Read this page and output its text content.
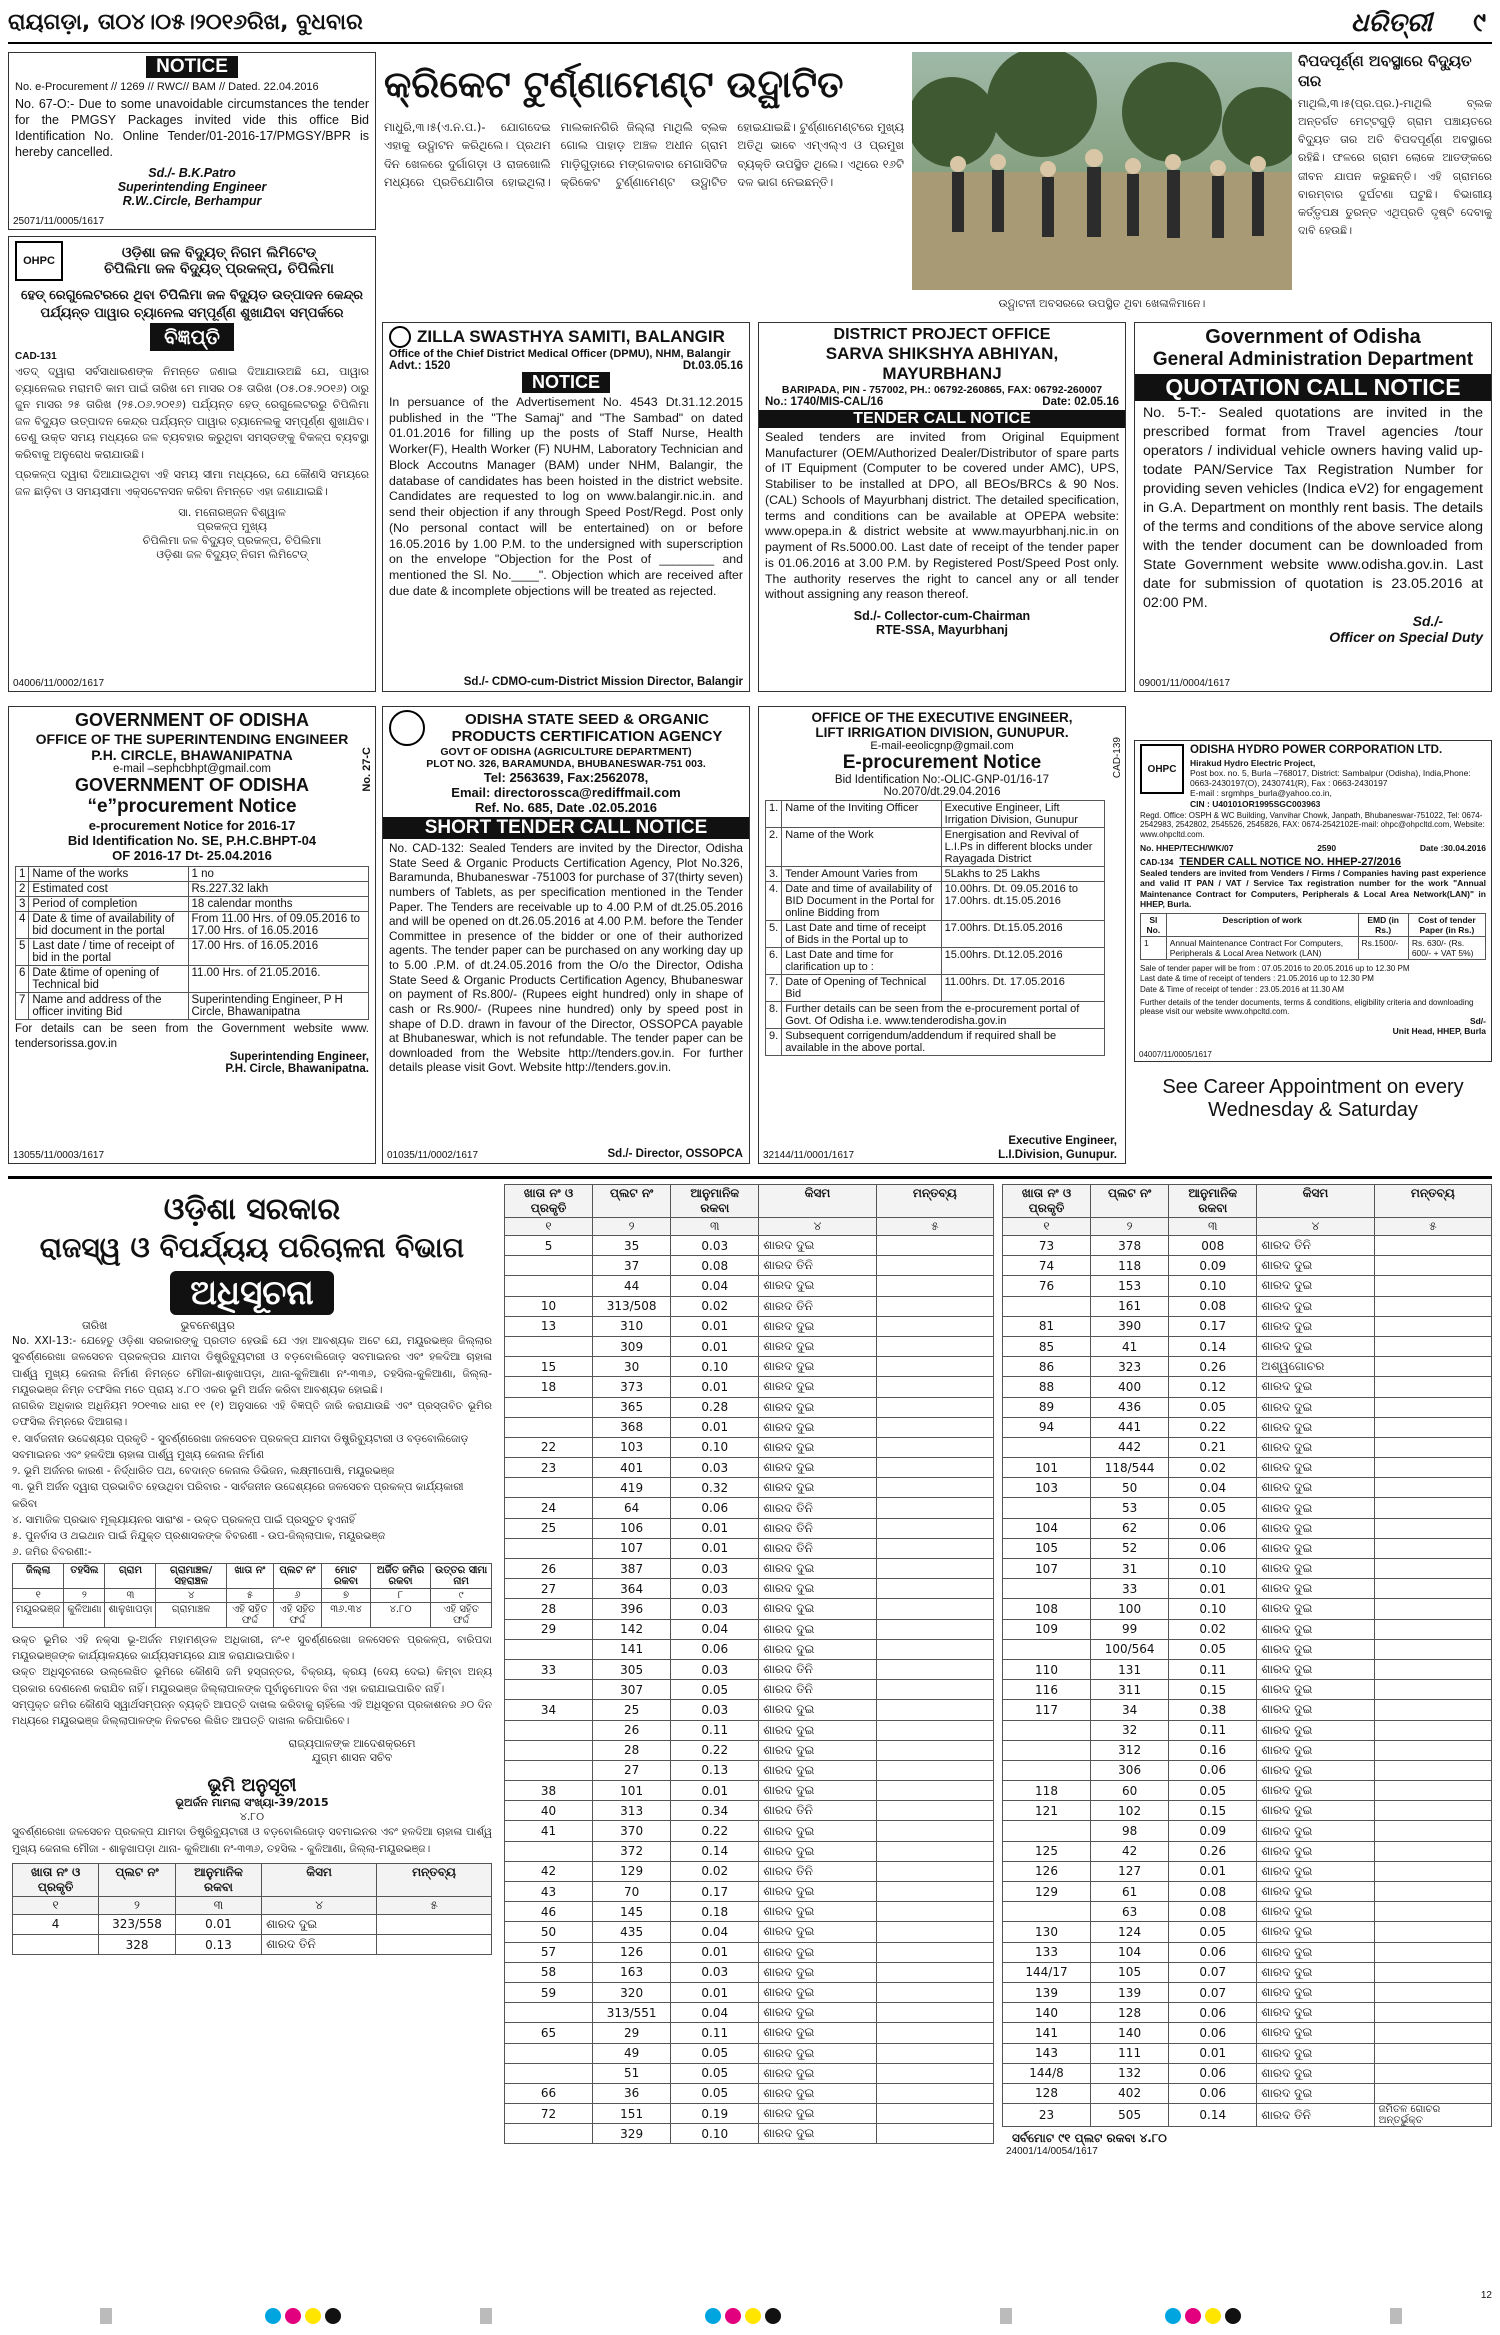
ରାୟଗଡ଼ା, ତା୦୪।୦୫।୨୦୧୬ରିଖ, ବୁଧବାର	ଧରିତ୍ରୀ ୯
NOTICE
No. e-Procurement // 1269 // RWC// BAM // Dated. 22.04.2016

No. 67-O:- Due to some unavoidable circumstances the tender for the PMGSY Packages invited vide this office Bid Identification No. Online Tender/01-2016-17/PMGSY/BPR is hereby cancelled.

Sd./- B.K.Patro
Superintending Engineer
R.W..Circle, Berhampur
25071/11/0005/1617
କ୍ରିକେଟ ଟୁର୍ଣ୍ଣାମେଣ୍ଟ ଉଦ୍ଘାଟିତ

ମାଧୁରି,୩।୫(ଏ.ନ.ପ.)- ଯୋଗଦେଇ ଏହାକୁ ଉଦ୍ଘାଟନ କରିଥିଲେ। ପ୍ରଥମ ଦିନ ଖେଳରେ ଦୁର୍ଗାଗଡ଼ା ଓ ରାଜଖୋଲି ମଧ୍ୟରେ ପ୍ରତିଯୋଗିତା ହୋଇଥିଲା। ମାଲକାନଗିରି ଜିଲ୍ଲା ମାଥିଲି ବ୍ଲକ ଗୋଲ ପାହାଡ଼ ଅଞ୍ଚଳ ଅଧୀନ ଗ୍ରାମ ମାଡ଼ିଗୁଡ଼ାରେ ମଙ୍ଗଳବାର ମେଗାସିଟିଜ କ୍ରିକେଟ ଟୁର୍ଣ୍ଣାମେଣ୍ଟ ଉଦ୍ଘାଟିତ ହୋଇଯାଇଛି। ଟୁର୍ଣ୍ଣାମେଣ୍ଟରେ ମୁଖ୍ୟ ଅତିଥି ଭାବେ ଏମ୍‌ଏଲ୍‌ଏ ଓ ପ୍ରମୁଖ ବ୍ୟକ୍ତି ଉପସ୍ଥିତ ଥିଲେ। ଏଥିରେ ୧୬ଟି ଦଳ ଭାଗ ନେଇଛନ୍ତି।

ଉଦ୍ଘାଟନୀ ଅବସରରେ ଉପସ୍ଥିତ ଥିବା ଖେଳାଳିମାନେ।
ବିପଦପୂର୍ଣ୍ଣ ଅବସ୍ଥାରେ ବିଦ୍ୟୁତ ତାର

ମାଥିଲି,୩।୫(ପ୍ର.ପ୍ର.)-ମାଥିଲି ବ୍ଲକ ଅନ୍ତର୍ଗତ ମେଟ୍ଟଗୁଡ଼ି ଗ୍ରାମ ପଞ୍ଚାୟତରେ ବିଦ୍ୟୁତ ତାର ଅତି ବିପଦପୂର୍ଣ୍ଣ ଅବସ୍ଥାରେ ରହିଛି। ଫଳରେ ଗ୍ରାମ ଲୋକେ ଆତଙ୍କରେ ଜୀବନ ଯାପନ କରୁଛନ୍ତି। ଏହି ଗ୍ରାମରେ ବାରମ୍ବାର ଦୁର୍ଘଟଣା ଘଟୁଛି। ବିଭାଗୀୟ କର୍ତ୍ତୃପକ୍ଷ ତୁରନ୍ତ ଏଥିପ୍ରତି ଦୃଷ୍ଟି ଦେବାକୁ ଦାବି ହେଉଛି।

OHPC	ଓଡ଼ିଶା ଜଳ ବିଦ୍ୟୁତ୍ ନିଗମ ଲିମିଟେଡ୍
ଚିପିଲିମା ଜଳ ବିଦ୍ୟୁତ୍ ପ୍ରକଳ୍ପ, ଚିପିଲିମା
ହେଡ୍ ରେଗୁଲେଟରରେ ଥିବା ଚିପିଲିମା ଜଳ ବିଦ୍ୟୁତ ଉତ୍ପାଦନ କେନ୍ଦ୍ର ପର୍ଯ୍ୟନ୍ତ ପାୱାର ଚ୍ୟାନେଲ ସମ୍ପୂର୍ଣ୍ଣ ଶୁଖାଯିବା ସମ୍ପର୍କରେ
ବିଜ୍ଞପ୍ତି
CAD-131

ଏତଦ୍ ଦ୍ୱାରା ସର୍ବସାଧାରଣଙ୍କ ନିମନ୍ତେ ଜଣାଇ ଦିଆଯାଉଅଛି ଯେ, ପାୱାର ଚ୍ୟାନେଲର ମରାମତି କାମ ପାଇଁ ତାରିଖ ମେ ମାସର ୦୫ ତାରିଖ (୦୫.୦୫.୨୦୧୬) ଠାରୁ ଜୁନ ମାସର ୨୫ ତାରିଖ (୨୫.୦୬.୨୦୧୬) ପର୍ଯ୍ୟନ୍ତ ହେଡ୍ ରେଗୁଲେଟରରୁ ଚିପିଲିମା ଜଳ ବିଦ୍ୟୁତ ଉତ୍ପାଦନ କେନ୍ଦ୍ର ପର୍ଯ୍ୟନ୍ତ ପାୱାର ଚ୍ୟାନେଲକୁ ସମ୍ପୂର୍ଣ୍ଣ ଶୁଖାଯିବ। ତେଣୁ ଉକ୍ତ ସମୟ ମଧ୍ୟରେ ଜଳ ବ୍ୟବହାର କରୁଥିବା ସମସ୍ତଙ୍କୁ ବିକଳ୍ପ ବ୍ୟବସ୍ଥା କରିବାକୁ ଅନୁରୋଧ କରାଯାଉଛି।

ପ୍ରକଳ୍ପ ଦ୍ୱାରା ଦିଆଯାଇଥିବା ଏହି ସମୟ ସୀମା ମଧ୍ୟରେ, ଯେ କୌଣସି ସମୟରେ ଜଳ ଛାଡ଼ିବା ଓ ସମୟସୀମା ଏକ୍ସଟେନସନ କରିବା ନିମନ୍ତେ ଏହା ଜଣାଯାଇଛି।

ସା. ମନୋରଞ୍ଜନ ବିଶ୍ୱାଳ
ପ୍ରକଳ୍ପ ମୁଖ୍ୟ
ଚିପିଲିମା ଜଳ ବିଦ୍ୟୁତ୍ ପ୍ରକଳ୍ପ, ଚିପିଲିମା
ଓଡ଼ିଶା ଜଳ ବିଦ୍ୟୁତ୍ ନିଗମ ଲିମିଟେଡ୍
04006/11/0002/1617
ZILLA SWASTHYA SAMITI, BALANGIR
Office of the Chief District Medical Officer (DPMU), NHM, Balangir
Advt.: 1520	Dt.03.05.16
NOTICE

In persuance of the Advertisement No. 4543 Dt.31.12.2015 published in the "The Samaj" and "The Sambad" on dated 01.01.2016 for filling up the posts of Staff Nurse, Health Worker(F), Health Worker (F) NUHM, Laboratory Technician and Block Accoutns Manager (BAM) under NHM, Balangir, the database of candidates has been hoisted in the district website. Candidates are requested to log on www.balangir.nic.in. and send their objection if any through Speed Post/Regd. Post only (No personal contact will be entertained) on or before 16.05.2016 by 1.00 P.M. to the undersigned with superscription on the envelope "Objection for the Post of ________ and mentioned the Sl. No.____". Objection which are received after due date & incomplete objections will be treated as rejected.

Sd./- CDMO-cum-District Mission Director, Balangir
DISTRICT PROJECT OFFICE
SARVA SHIKSHYA ABHIYAN, MAYURBHANJ
BARIPADA, PIN - 757002, PH.: 06792-260865, FAX: 06792-260007
No.: 1740/MIS-CAL/16	Date: 02.05.16
TENDER CALL NOTICE

Sealed tenders are invited from Original Equipment Manufacturer (OEM/Authorized Dealer/Distributor of spare parts of IT Equipment (Computer to be covered under AMC), UPS, Stabiliser to be installed at DPO, all BEOs/BRCs & 90 Nos. (CAL) Schools of Mayurbhanj district. The detailed specification, terms and conditions can be available at OPEPA website: www.opepa.in & district website at www.mayurbhanj.nic.in on payment of Rs.5000.00. Last date of receipt of the tender paper is 01.06.2016 at 3.00 P.M. by Registered Post/Speed Post only. The authority reserves the right to cancel any or all tender without assigning any reason thereof.

Sd./- Collector-cum-Chairman
RTE-SSA, Mayurbhanj
Government of Odisha
General Administration Department
QUOTATION CALL NOTICE

No. 5-T:- Sealed quotations are invited in the prescribed format from Travel agencies /tour operators / individual vehicle owners having valid up-todate PAN/Service Tax Registration Number for providing seven vehicles (Indica eV2) for engagement in G.A. Department on monthly rent basis. The details of the terms and conditions of the above service along with the tender document can be downloaded from State Government website www.odisha.gov.in. Last date for submission of quotation is 23.05.2016 at 02:00 PM.

Sd./-
Officer on Special Duty
09001/11/0004/1617
GOVERNMENT OF ODISHA
OFFICE OF THE SUPERINTENDING ENGINEER
P.H. CIRCLE, BHAWANIPATNA
e-mail –sephcbhpt@gmail.com
GOVERNMENT OF ODISHA
“e”procurement Notice
e-procurement Notice for 2016-17
Bid Identification No. SE, P.H.C.BHPT-04
OF 2016-17 Dt- 25.04.2016
No. 27-C
1	Name of the works	1 no
2	Estimated cost	Rs.227.32 lakh
3	Period of completion	18 calendar months
4	Date & time of availability of bid document in the portal	From 11.00 Hrs. of 09.05.2016 to 17.00 Hrs. of 16.05.2016
5	Last date / time of receipt of bid in the portal	17.00 Hrs. of 16.05.2016
6	Date &time of opening of Technical bid	11.00 Hrs. of 21.05.2016.
7	Name and address of the officer inviting Bid	Superintending Engineer, P H Circle, Bhawanipatna

For details can be seen from the Government website www. tendersorissa.gov.in

Superintending Engineer,
P.H. Circle, Bhawanipatna.
13055/11/0003/1617
ODISHA STATE SEED & ORGANIC
PRODUCTS CERTIFICATION AGENCY
GOVT OF ODISHA (AGRICULTURE DEPARTMENT)
PLOT NO. 326, BARAMUNDA, BHUBANESWAR-751 003.
Tel: 2563639, Fax:2562078,
Email: directorossca@rediffmail.com
Ref. No. 685, Date .02.05.2016
SHORT TENDER CALL NOTICE

No. CAD-132: Sealed Tenders are invited by the Director, Odisha State Seed & Organic Products Certification Agency, Plot No.326, Baramunda, Bhubaneswar -751003 for purchase of 37(thirty seven) numbers of Tablets, as per specification mentioned in the Tender Paper. The Tenders are receivable up to 4.00 P.M of dt.25.05.2016 and will be opened on dt.26.05.2016 at 4.00 P.M. before the Tender Committee in presence of the bidder or one of their authorized agents. The tender paper can be purchased on any working day up to 5.00 .P.M. of dt.24.05.2016 from the O/o the Director, Odisha State Seed & Organic Products Certification Agency, Bhubaneswar on payment of Rs.800/- (Rupees eight hundred) only in shape of cash or Rs.900/- (Rupees nine hundred) only by speed post in shape of D.D. drawn in favour of the Director, OSSOPCA payable at Bhubaneswar, which is not refundable. The tender paper can be downloaded from the Website http://tenders.gov.in. For further details please visit Govt. Website http://tenders.gov.in.

Sd./- Director, OSSOPCA
01035/11/0002/1617
OFFICE OF THE EXECUTIVE ENGINEER,
LIFT IRRIGATION DIVISION, GUNUPUR.
E-mail-eeolicgnp@gmail.com
E-procurement Notice
Bid Identification No:-OLIC-GNP-01/16-17
No.2070/dt.29.04.2016
CAD-139
1.	Name of the Inviting Officer	Executive Engineer, Lift Irrigation Division, Gunupur
2.	Name of the Work	Energisation and Revival of L.I.Ps in different blocks under Rayagada District
3.	Tender Amount Varies from	5Lakhs to 25 Lakhs
4.	Date and time of availability of BID Document in the Portal for online Bidding from	10.00hrs. Dt. 09.05.2016 to 17.00hrs. dt.15.05.2016
5.	Last Date and time of receipt of Bids in the Portal up to	17.00hrs. Dt.15.05.2016
6.	Last Date and time for clarification up to :	15.00hrs. Dt.12.05.2016
7.	Date of Opening of Technical Bid	11.00hrs. Dt. 17.05.2016
8.	Further details can be seen from the e-procurement portal of Govt. Of Odisha i.e. www.tenderodisha.gov.in	
9.	Subsequent corrigendum/addendum if required shall be available in the above portal.	
Executive Engineer,
L.I.Division, Gunupur.
32144/11/0001/1617
OHPC
ODISHA HYDRO POWER CORPORATION LTD.
Hirakud Hydro Electric Project,
Post box. no. 5, Burla –768017, District: Sambalpur (Odisha), India,Phone:
0663-2430197(O), 2430741(R), Fax : 0663-2430197
E-mail : srgmhps_burla@yahoo.co.in,
CIN : U40101OR1995SGC003963
Regd. Office: OSPH & WC Building, Vanvihar Chowk, Janpath, Bhubaneswar-751022, Tel: 0674-2542983, 2542802, 2545526, 2545826, FAX: 0674-2542102E-mail: ohpc@ohpcltd.com, Website: www.ohpcltd.com.
No. HHEP/TECH/WK/07	2590	Date :30.04.2016
CAD-134 TENDER CALL NOTICE NO. HHEP-27/2016

Sealed tenders are invited from Venders / Firms / Companies having past experience and valid IT PAN / VAT / Service Tax registration number for the work "Annual Maintenance Contract for Computers, Peripherals & Local Area Network(LAN)" in HHEP, Burla.

Sl No.	Description of work	EMD (in Rs.)	Cost of tender Paper (in Rs.)
1	Annual Maintenance Contract For Computers, Peripherals & Local Area Network (LAN)	Rs.1500/-	Rs. 630/- (Rs. 600/- + VAT 5%)
Sale of tender paper will be from : 07.05.2016 to 20.05.2016 up to 12.30 PM
Last date & time of receipt of tenders : 21.05.2016 up to 12.30 PM
Date & Time of receipt of tender : 23.05.2016 at 11.30 AM

Further details of the tender documents, terms & conditions, eligibility criteria and downloading please visit our website www.ohpcltd.com.

Sd/-
Unit Head, HHEP, Burla
04007/11/0005/1617
See Career Appointment on every
Wednesday & Saturday
ଓଡ଼ିଶା ସରକାର
ରାଜସ୍ୱ ଓ ବିପର୍ଯ୍ୟୟ ପରିଚାଳନା ବିଭାଗ
ଅଧିସୂଚନା
ତାରିଖ                     ଭୁବନେଶ୍ୱର

No. XXI-13:- ଯେହେତୁ ଓଡ଼ିଶା ସରକାରଙ୍କୁ ପ୍ରତୀତ ହେଉଛି ଯେ ଏହା ଆବଶ୍ୟକ ଅଟେ ଯେ, ମୟୂରଭଞ୍ଜ ଜିଲ୍ଲାର ସୁବର୍ଣ୍ଣରେଖା ଜଳସେଚନ ପ୍ରକଳ୍ପର ଯାମଦା ଡିଷ୍ଟ୍ରିବ୍ୟୁଟାରୀ ଓ ବଡ଼ବୋଲିଜୋଡ଼ ସବମାଇନର ଏବଂ ହଳଦିଆ ଚାହାଳା ପାର୍ଶ୍ୱ ମୁଖ୍ୟ କେନାଲ ନିର୍ମାଣ ନିମନ୍ତେ ମୌଜା-ଶାଳୁଖାପଡ଼ା, ଥାନା-କୁଳିଆଣା ନଂ-୩୩୬, ତହସିଲ-କୁଳିଆଣା, ଜିଲ୍ଲା-ମୟୂରଭଞ୍ଜ ନିମ୍ନ ତଫସିଲ ମତେ ପ୍ରାୟ ୪.୮୦ ଏକର ଭୂମି ଅର୍ଜନ କରିବା ଆବଶ୍ୟକ ହୋଇଛି।

ନାଗରିକ ଅଧିକାର ଅଧିନିୟମ ୨୦୧୩ର ଧାରା ୧୧ (୧) ଅନୁସାରେ ଏହି ବିଜ୍ଞପ୍ତି ଜାରି କରାଯାଉଛି ଏବଂ ପ୍ରସ୍ତାବିତ ଭୂମିର ତଫସିଲ ନିମ୍ନରେ ଦିଆଗଲା।

୧. ସାର୍ବଜନୀନ ଉଦ୍ଦେଶ୍ୟର ପ୍ରକୃତି - ସୁବର୍ଣ୍ଣରେଖା ଜଳସେଚନ ପ୍ରକଳ୍ପ ଯାମଦା ଡିଷ୍ଟ୍ରିବ୍ୟୁଟାରୀ ଓ ବଡ଼ବୋଲିଜୋଡ଼ ସବମାଇନର ଏବଂ ହଳଦିଆ ଚାହାଳା ପାର୍ଶ୍ୱ ମୁଖ୍ୟ କେନାଲ ନିର୍ମାଣ
୨. ଭୂମି ଅର୍ଜନର କାରଣ - ନିର୍ଦ୍ଧାରିତ ପଥ, ବେଦାନ୍ତ କେନାଲ ଡିଭିଜନ, ଲକ୍ଷ୍ମୀପୋଷି, ମୟୂରଭଞ୍ଜ
୩. ଭୂମି ଅର୍ଜନ ଦ୍ୱାରା ପ୍ରଭାବିତ ହେଉଥିବା ପରିବାର - ସାର୍ବଜନୀନ ଉଦ୍ଦେଶ୍ୟରେ ଜଳସେଚନ ପ୍ରକଳ୍ପ କାର୍ଯ୍ୟକାରୀ କରିବା
୪. ସାମାଜିକ ପ୍ରଭାବ ମୂଲ୍ୟାୟନର ସାରାଂଶ - ଉକ୍ତ ପ୍ରକଳ୍ପ ପାଇଁ ପ୍ରସ୍ତୁତ ହୁଏନାହିଁ
୫. ପୁନର୍ବାସ ଓ ଥଇଥାନ ପାଇଁ ନିଯୁକ୍ତ ପ୍ରଶାସକଙ୍କ ବିବରଣୀ - ଉପ-ଜିଲ୍ଲାପାଳ, ମୟୂରଭଞ୍ଜ
୬. ଜମିର ବିବରଣୀ:-
ଜିଲ୍ଲା	ତହସିଲ	ଗ୍ରାମ	ଗ୍ରାମାଞ୍ଚଳ/ ସହରାଞ୍ଚଳ	ଖାତା ନଂ	ପ୍ଲଟ ନଂ	ମୋଟ ରକବା	ଅର୍ଜିତ ଜମିର ରକବା	ଉତ୍ତର ସୀମା ନାମ
୧	୨	୩	୪	୫	୬	୭	୮	୯
ମୟୂରଭଞ୍ଜ	କୁଳିଆଣା	ଶାଳୁଖାପଡ଼ା	ଗ୍ରାମାଞ୍ଚଳ	ଏହି ସହିତ ଫର୍ଦ୍ଦ	ଏହି ସହିତ ଫର୍ଦ୍ଦ	୩୬.୩୪	୪.୮୦	ଏହି ସହିତ ଫର୍ଦ୍ଦ

ଉକ୍ତ ଭୂମିର ଏହି ନକ୍ସା ଭୂ-ଅର୍ଜନ ମହାମଣ୍ଡଳ ଅଧିକାରୀ, ନଂ-୧ ସୁବର୍ଣ୍ଣରେଖା ଜଳସେଚନ ପ୍ରକଳ୍ପ, ବାରିପଦା ମୟୂରଭଞ୍ଜଙ୍କ କାର୍ଯ୍ୟାଳୟରେ କାର୍ଯ୍ୟସମୟରେ ଯାଞ୍ଚ କରାଯାଇପାରିବ।

ଉକ୍ତ ଅଧିସୂଚନାରେ ଉଲ୍ଲେଖିତ ଭୂମିରେ କୌଣସି ଜମି ହସ୍ତାନ୍ତର, ବିକ୍ରୟ, କ୍ରୟ (ଦେୟ ଦେଇ) କିମ୍ବା ଅନ୍ୟ ପ୍ରକାର ଦେଣନେଣ କରାଯିବ ନାହିଁ। ମୟୂରଭଞ୍ଜ ଜିଲ୍ଲାପାଳଙ୍କ ପୂର୍ବାନୁମୋଦନ ବିନା ଏହା କରାଯାଇପାରିବ ନାହିଁ।

ସମ୍ପୃକ୍ତ ଜମିର କୌଣସି ସ୍ୱାର୍ଥସମ୍ପନ୍ନ ବ୍ୟକ୍ତି ଆପତ୍ତି ଦାଖଲ କରିବାକୁ ଚାହିଁଲେ ଏହି ଅଧିସୂଚନା ପ୍ରକାଶନର ୬୦ ଦିନ ମଧ୍ୟରେ ମୟୂରଭଞ୍ଜ ଜିଲ୍ଲାପାଳଙ୍କ ନିକଟରେ ଲିଖିତ ଆପତ୍ତି ଦାଖଲ କରିପାରିବେ।

ରାଜ୍ୟପାଳଙ୍କ ଆଦେଶକ୍ରମେ
ଯୁଗ୍ମ ଶାସନ ସଚିବ
ଭୂମି ଅନୁସୂଚୀ
ଭୂଅର୍ଜନ ମାମଲା ସଂଖ୍ୟା-39/2015
୪.୮୦

ସୁବର୍ଣ୍ଣରେଖା ଜଳସେଚନ ପ୍ରକଳ୍ପ ଯାମଦା ଡିଷ୍ଟ୍ରିବ୍ୟୁଟାରୀ ଓ ବଡ଼ବୋଲିଜୋଡ଼ ସବମାଇନର ଏବଂ ହଳଦିଆ ଚାହାଳା ପାର୍ଶ୍ୱ ମୁଖ୍ୟ କେନାଲ ମୌଜା - ଶାଳୁଖାପଡ଼ା ଥାନା- କୁଳିଆଣା ନଂ-୩୩୬, ତହସିଲ - କୁଳିଆଣା, ଜିଲ୍ଲା-ମୟୂରଭଞ୍ଜ।

ଖାତା ନଂ ଓ ପ୍ରକୃତି	ପ୍ଲଟ ନଂ	ଆନୁମାନିକ ରକବା	କିସମ	ମନ୍ତବ୍ୟ
୧	୨	୩	୪	୫
4	323/558	0.01	ଶାରଦ ଦୁଇ	
	328	0.13	ଶାରଦ ତିନି	
ଖାତା ନଂ ଓ ପ୍ରକୃତି	ପ୍ଲଟ ନଂ	ଆନୁମାନିକ ରକବା	କିସମ	ମନ୍ତବ୍ୟ
୧	୨	୩	୪	୫
5	35	0.03	ଶାରଦ ଦୁଇ	
	37	0.08	ଶାରଦ ତିନି	
	44	0.04	ଶାରଦ ଦୁଇ	
10	313/508	0.02	ଶାରଦ ତିନି	
13	310	0.01	ଶାରଦ ଦୁଇ	
	309	0.01	ଶାରଦ ଦୁଇ	
15	30	0.10	ଶାରଦ ଦୁଇ	
18	373	0.01	ଶାରଦ ଦୁଇ	
	365	0.28	ଶାରଦ ଦୁଇ	
	368	0.01	ଶାରଦ ଦୁଇ	
22	103	0.10	ଶାରଦ ଦୁଇ	
23	401	0.03	ଶାରଦ ଦୁଇ	
	419	0.32	ଶାରଦ ଦୁଇ	
24	64	0.06	ଶାରଦ ତିନି	
25	106	0.01	ଶାରଦ ତିନି	
	107	0.01	ଶାରଦ ତିନି	
26	387	0.03	ଶାରଦ ଦୁଇ	
27	364	0.03	ଶାରଦ ଦୁଇ	
28	396	0.03	ଶାରଦ ଦୁଇ	
29	142	0.04	ଶାରଦ ଦୁଇ	
	141	0.06	ଶାରଦ ଦୁଇ	
33	305	0.03	ଶାରଦ ତିନି	
	307	0.05	ଶାରଦ ତିନି	
34	25	0.03	ଶାରଦ ଦୁଇ	
	26	0.11	ଶାରଦ ଦୁଇ	
	28	0.22	ଶାରଦ ଦୁଇ	
	27	0.13	ଶାରଦ ଦୁଇ	
38	101	0.01	ଶାରଦ ଦୁଇ	
40	313	0.34	ଶାରଦ ତିନି	
41	370	0.22	ଶାରଦ ଦୁଇ	
	372	0.14	ଶାରଦ ଦୁଇ	
42	129	0.02	ଶାରଦ ତିନି	
43	70	0.17	ଶାରଦ ଦୁଇ	
46	145	0.18	ଶାରଦ ଦୁଇ	
50	435	0.04	ଶାରଦ ଦୁଇ	
57	126	0.01	ଶାରଦ ଦୁଇ	
58	163	0.03	ଶାରଦ ଦୁଇ	
59	320	0.01	ଶାରଦ ଦୁଇ	
	313/551	0.04	ଶାରଦ ଦୁଇ	
65	29	0.11	ଶାରଦ ଦୁଇ	
	49	0.05	ଶାରଦ ଦୁଇ	
	51	0.05	ଶାରଦ ଦୁଇ	
66	36	0.05	ଶାରଦ ଦୁଇ	
72	151	0.19	ଶାରଦ ଦୁଇ	
	329	0.10	ଶାରଦ ଦୁଇ	
ଖାତା ନଂ ଓ ପ୍ରକୃତି	ପ୍ଲଟ ନଂ	ଆନୁମାନିକ ରକବା	କିସମ	ମନ୍ତବ୍ୟ
୧	୨	୩	୪	୫
73	378	008	ଶାରଦ ତିନି	
74	118	0.09	ଶାରଦ ଦୁଇ	
76	153	0.10	ଶାରଦ ଦୁଇ	
	161	0.08	ଶାରଦ ଦୁଇ	
81	390	0.17	ଶାରଦ ଦୁଇ	
85	41	0.14	ଶାରଦ ଦୁଇ	
86	323	0.26	ଅଶ୍ୱଗୋଚର	
88	400	0.12	ଶାରଦ ଦୁଇ	
89	436	0.05	ଶାରଦ ଦୁଇ	
94	441	0.22	ଶାରଦ ଦୁଇ	
	442	0.21	ଶାରଦ ଦୁଇ	
101	118/544	0.02	ଶାରଦ ଦୁଇ	
103	50	0.04	ଶାରଦ ଦୁଇ	
	53	0.05	ଶାରଦ ଦୁଇ	
104	62	0.06	ଶାରଦ ଦୁଇ	
105	52	0.06	ଶାରଦ ଦୁଇ	
107	31	0.10	ଶାରଦ ଦୁଇ	
	33	0.01	ଶାରଦ ଦୁଇ	
108	100	0.10	ଶାରଦ ଦୁଇ	
109	99	0.02	ଶାରଦ ଦୁଇ	
	100/564	0.05	ଶାରଦ ଦୁଇ	
110	131	0.11	ଶାରଦ ଦୁଇ	
116	311	0.15	ଶାରଦ ଦୁଇ	
117	34	0.38	ଶାରଦ ଦୁଇ	
	32	0.11	ଶାରଦ ଦୁଇ	
	312	0.16	ଶାରଦ ଦୁଇ	
	306	0.06	ଶାରଦ ଦୁଇ	
118	60	0.05	ଶାରଦ ଦୁଇ	
121	102	0.15	ଶାରଦ ଦୁଇ	
	98	0.09	ଶାରଦ ଦୁଇ	
125	42	0.26	ଶାରଦ ଦୁଇ	
126	127	0.01	ଶାରଦ ଦୁଇ	
129	61	0.08	ଶାରଦ ଦୁଇ	
	63	0.08	ଶାରଦ ଦୁଇ	
130	124	0.05	ଶାରଦ ଦୁଇ	
133	104	0.06	ଶାରଦ ଦୁଇ	
144/17	105	0.07	ଶାରଦ ଦୁଇ	
139	139	0.07	ଶାରଦ ଦୁଇ	
140	128	0.06	ଶାରଦ ଦୁଇ	
141	140	0.06	ଶାରଦ ଦୁଇ	
143	111	0.01	ଶାରଦ ଦୁଇ	
144/8	132	0.06	ଶାରଦ ଦୁଇ	
128	402	0.06	ଶାରଦ ଦୁଇ	
23	505	0.14	ଶାରଦ ତିନି	ଜମିତଳ ଗୋଚର ଅନ୍ତର୍ଭୁକ୍ତ
ସର୍ବମୋଟ ୯୧ ପ୍ଲଟ ରକବା ୪.୮୦
24001/14/0054/1617
12
